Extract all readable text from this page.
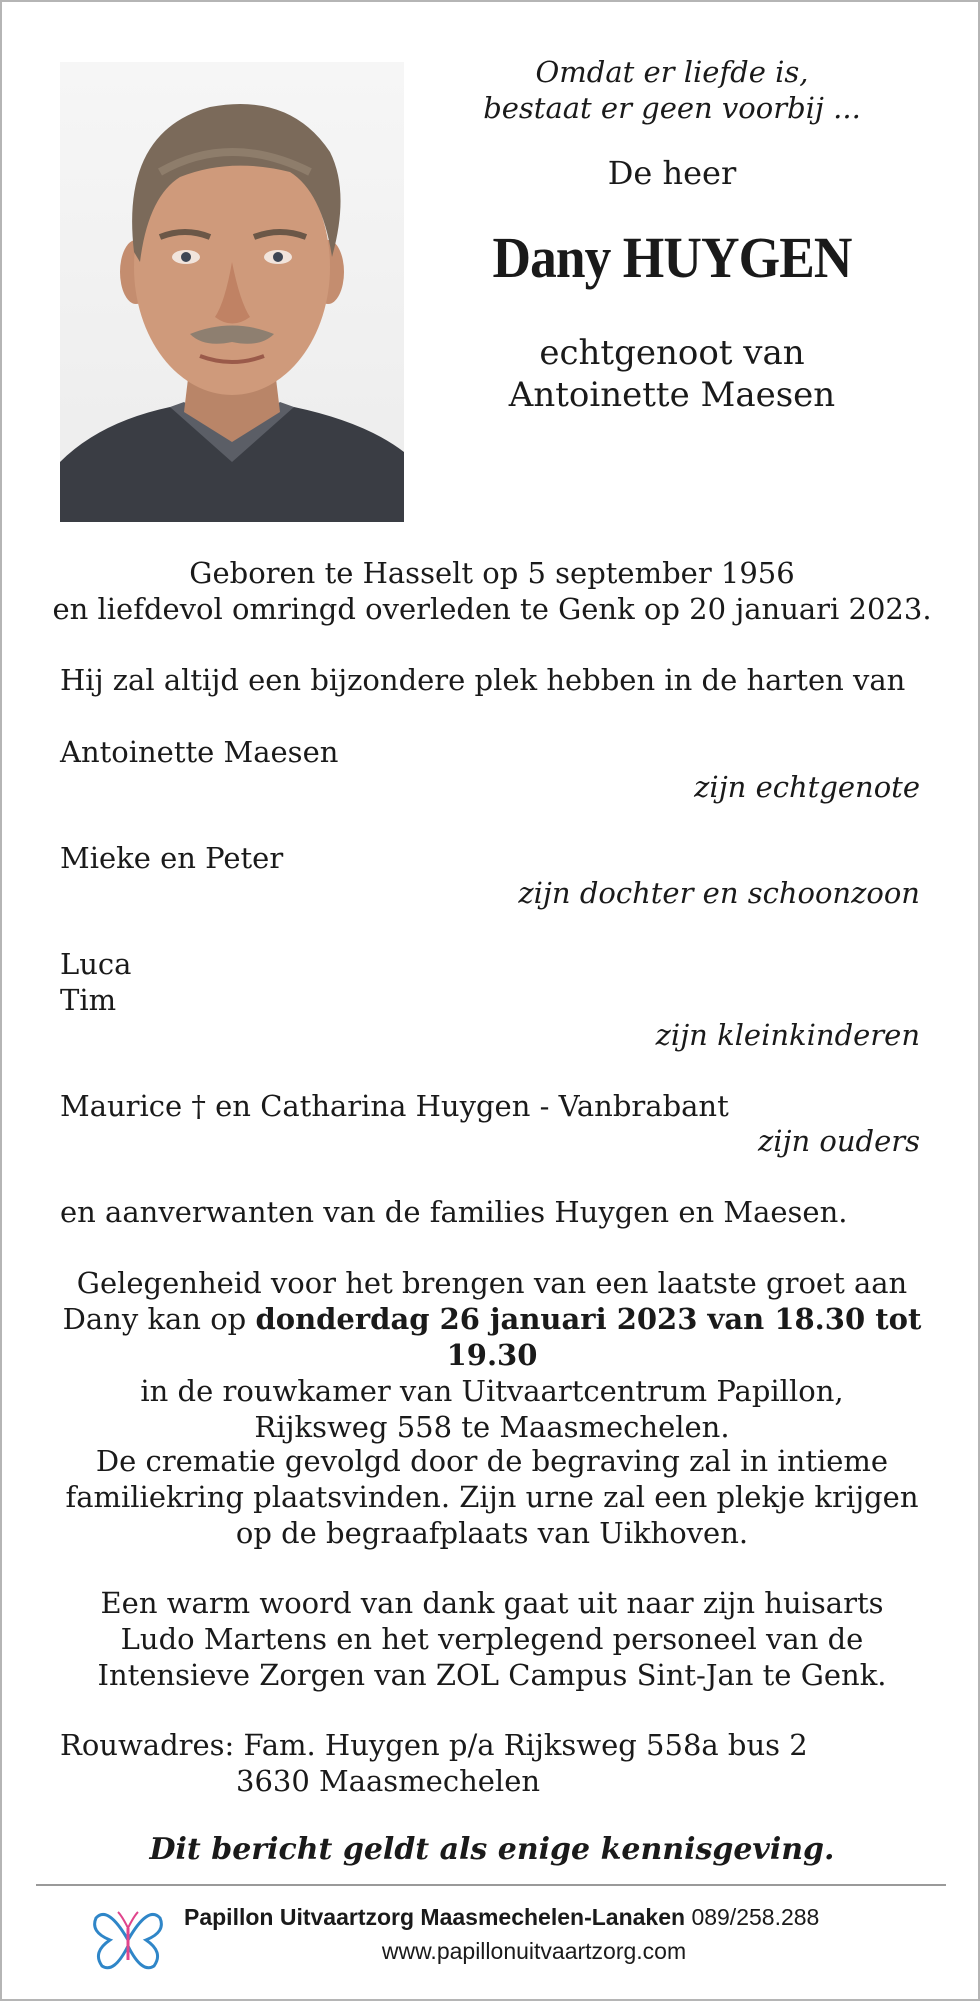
Omdat er liefde is,
bestaat er geen voorbij ...
De heer
Dany HUYGEN
echtgenoot van
Antoinette Maesen
Geboren te Hasselt op 5 september 1956
en liefdevol omringd overleden te Genk op 20 januari 2023.
Hij zal altijd een bijzondere plek hebben in de harten van
Antoinette Maesen
zijn echtgenote
Mieke en Peter
zijn dochter en schoonzoon
Luca
Tim
zijn kleinkinderen
Maurice † en Catharina Huygen - Vanbrabant
zijn ouders
en aanverwanten van de families Huygen en Maesen.
Gelegenheid voor het brengen van een laatste groet aan
Dany kan op donderdag 26 januari 2023 van 18.30 tot 19.30
in de rouwkamer van Uitvaartcentrum Papillon,
Rijksweg 558 te Maasmechelen.
De crematie gevolgd door de begraving zal in intieme
familiekring plaatsvinden. Zijn urne zal een plekje krijgen
op de begraafplaats van Uikhoven.
Een warm woord van dank gaat uit naar zijn huisarts
Ludo Martens en het verplegend personeel van de
Intensieve Zorgen van ZOL Campus Sint-Jan te Genk.
Rouwadres: Fam. Huygen p/a Rijksweg 558a bus 2
3630 Maasmechelen
Dit bericht geldt als enige kennisgeving.
Papillon Uitvaartzorg Maasmechelen-Lanaken 089/258.288
www.papillonuitvaartzorg.com
